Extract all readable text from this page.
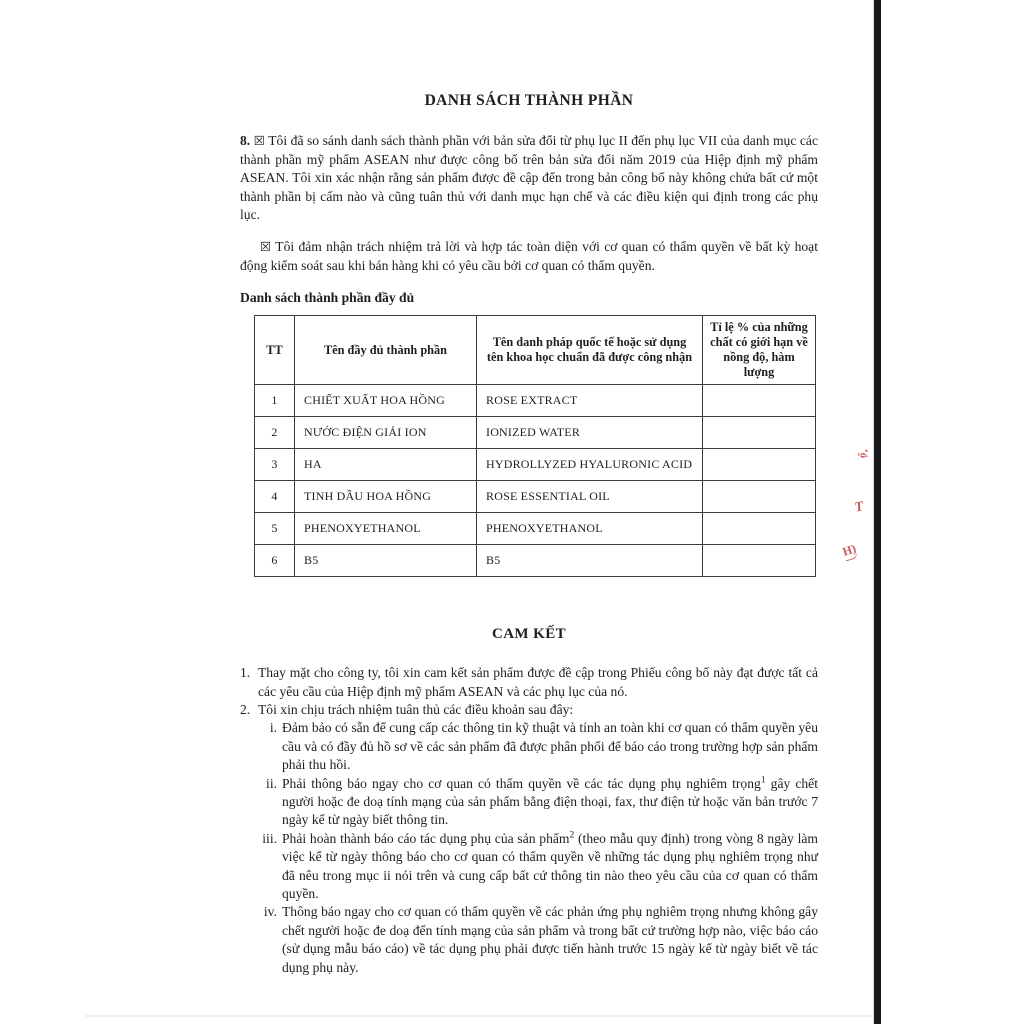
ộ,
T
H)
DANH SÁCH THÀNH PHẦN

8. ☒ Tôi đã so sánh danh sách thành phần với bản sửa đổi từ phụ lục II đến phụ lục VII của danh mục các thành phần mỹ phẩm ASEAN như được công bố trên bản sửa đổi năm 2019 của Hiệp định mỹ phẩm ASEAN. Tôi xin xác nhận rằng sản phẩm được đề cập đến trong bản công bố này không chứa bất cứ một thành phần bị cấm nào và cũng tuân thủ với danh mục hạn chế và các điều kiện qui định trong các phụ lục.

☒ Tôi đảm nhận trách nhiệm trả lời và hợp tác toàn diện với cơ quan có thẩm quyền về bất kỳ hoạt động kiểm soát sau khi bán hàng khi có yêu cầu bởi cơ quan có thẩm quyền.

Danh sách thành phần đầy đủ
TT	Tên đầy đủ thành phần	Tên danh pháp quốc tế hoặc sử dụng tên khoa học chuẩn đã được công nhận	Tỉ lệ % của những chất có giới hạn về nồng độ, hàm lượng
1	CHIẾT XUẤT HOA HỒNG	ROSE EXTRACT	
2	NƯỚC ĐIỆN GIẢI ION	IONIZED WATER	
3	HA	HYDROLLYZED HYALURONIC ACID	
4	TINH DẦU HOA HỒNG	ROSE ESSENTIAL OIL	
5	PHENOXYETHANOL	PHENOXYETHANOL	
6	B5	B5	
CAM KẾT
1. Thay mặt cho công ty, tôi xin cam kết sản phẩm được đề cập trong Phiếu công bố này đạt được tất cả các yêu cầu của Hiệp định mỹ phẩm ASEAN và các phụ lục của nó.
2. Tôi xin chịu trách nhiệm tuân thủ các điều khoản sau đây:
i. Đảm bảo có sẵn để cung cấp các thông tin kỹ thuật và tính an toàn khi cơ quan có thẩm quyền yêu cầu và có đầy đủ hồ sơ về các sản phẩm đã được phân phối để báo cáo trong trường hợp sản phẩm phải thu hồi.
ii. Phải thông báo ngay cho cơ quan có thẩm quyền về các tác dụng phụ nghiêm trọng$^1$ gây chết người hoặc đe doạ tính mạng của sản phẩm bằng điện thoại, fax, thư điện tử hoặc văn bản trước 7 ngày kể từ ngày biết thông tin.
iii. Phải hoàn thành báo cáo tác dụng phụ của sản phẩm$^2$ (theo mẫu quy định) trong vòng 8 ngày làm việc kể từ ngày thông báo cho cơ quan có thẩm quyền về những tác dụng phụ nghiêm trọng như đã nêu trong mục ii nói trên và cung cấp bất cứ thông tin nào theo yêu cầu của cơ quan có thẩm quyền.
iv. Thông báo ngay cho cơ quan có thẩm quyền về các phản ứng phụ nghiêm trọng nhưng không gây chết người hoặc đe doạ đến tính mạng của sản phẩm và trong bất cứ trường hợp nào, việc báo cáo (sử dụng mẫu báo cáo) về tác dụng phụ phải được tiến hành trước 15 ngày kể từ ngày biết về tác dụng phụ này.
